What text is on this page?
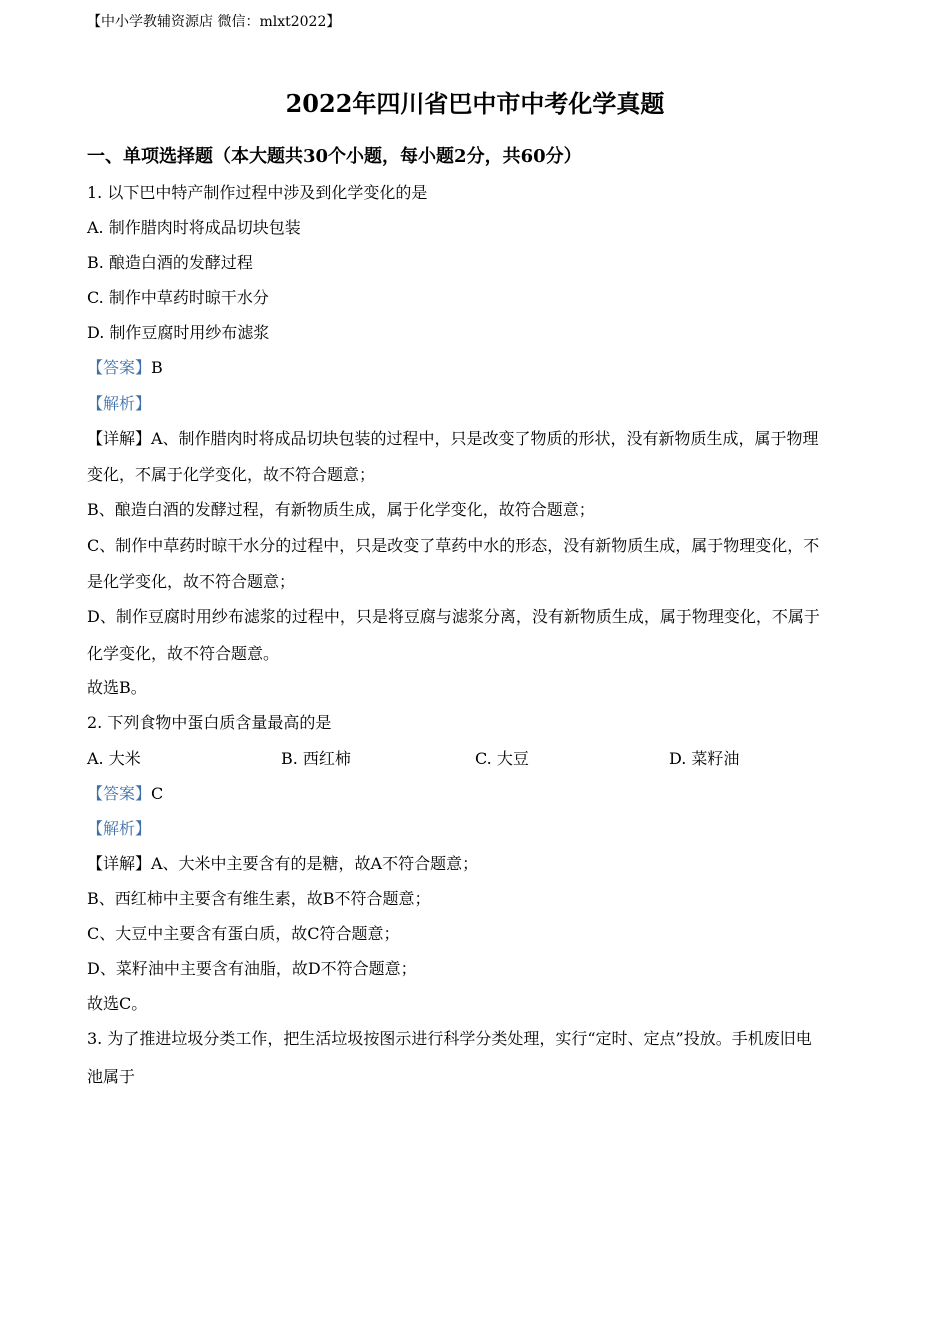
【中小学教辅资源店 微信：mlxt2022】
2022年四川省巴中市中考化学真题
一、单项选择题（本大题共30个小题，每小题2分，共60分）
1. 以下巴中特产制作过程中涉及到化学变化的是
A. 制作腊肉时将成品切块包装
B. 酿造白酒的发酵过程
C. 制作中草药时晾干水分
D. 制作豆腐时用纱布滤浆
【答案】B
【解析】
【详解】A、制作腊肉时将成品切块包装的过程中，只是改变了物质的形状，没有新物质生成，属于物理
变化，不属于化学变化，故不符合题意；
B、酿造白酒的发酵过程，有新物质生成，属于化学变化，故符合题意；
C、制作中草药时晾干水分的过程中，只是改变了草药中水的形态，没有新物质生成，属于物理变化，不
是化学变化，故不符合题意；
D、制作豆腐时用纱布滤浆的过程中，只是将豆腐与滤浆分离，没有新物质生成，属于物理变化，不属于
化学变化，故不符合题意。
故选B。
2. 下列食物中蛋白质含量最高的是
A. 大米	B. 西红柿	C. 大豆	D. 菜籽油
【答案】C
【解析】
【详解】A、大米中主要含有的是糖，故A不符合题意；
B、西红柿中主要含有维生素，故B不符合题意；
C、大豆中主要含有蛋白质，故C符合题意；
D、菜籽油中主要含有油脂，故D不符合题意；
故选C。
3. 为了推进垃圾分类工作，把生活垃圾按图示进行科学分类处理，实行“定时、定点”投放。手机废旧电
池属于
